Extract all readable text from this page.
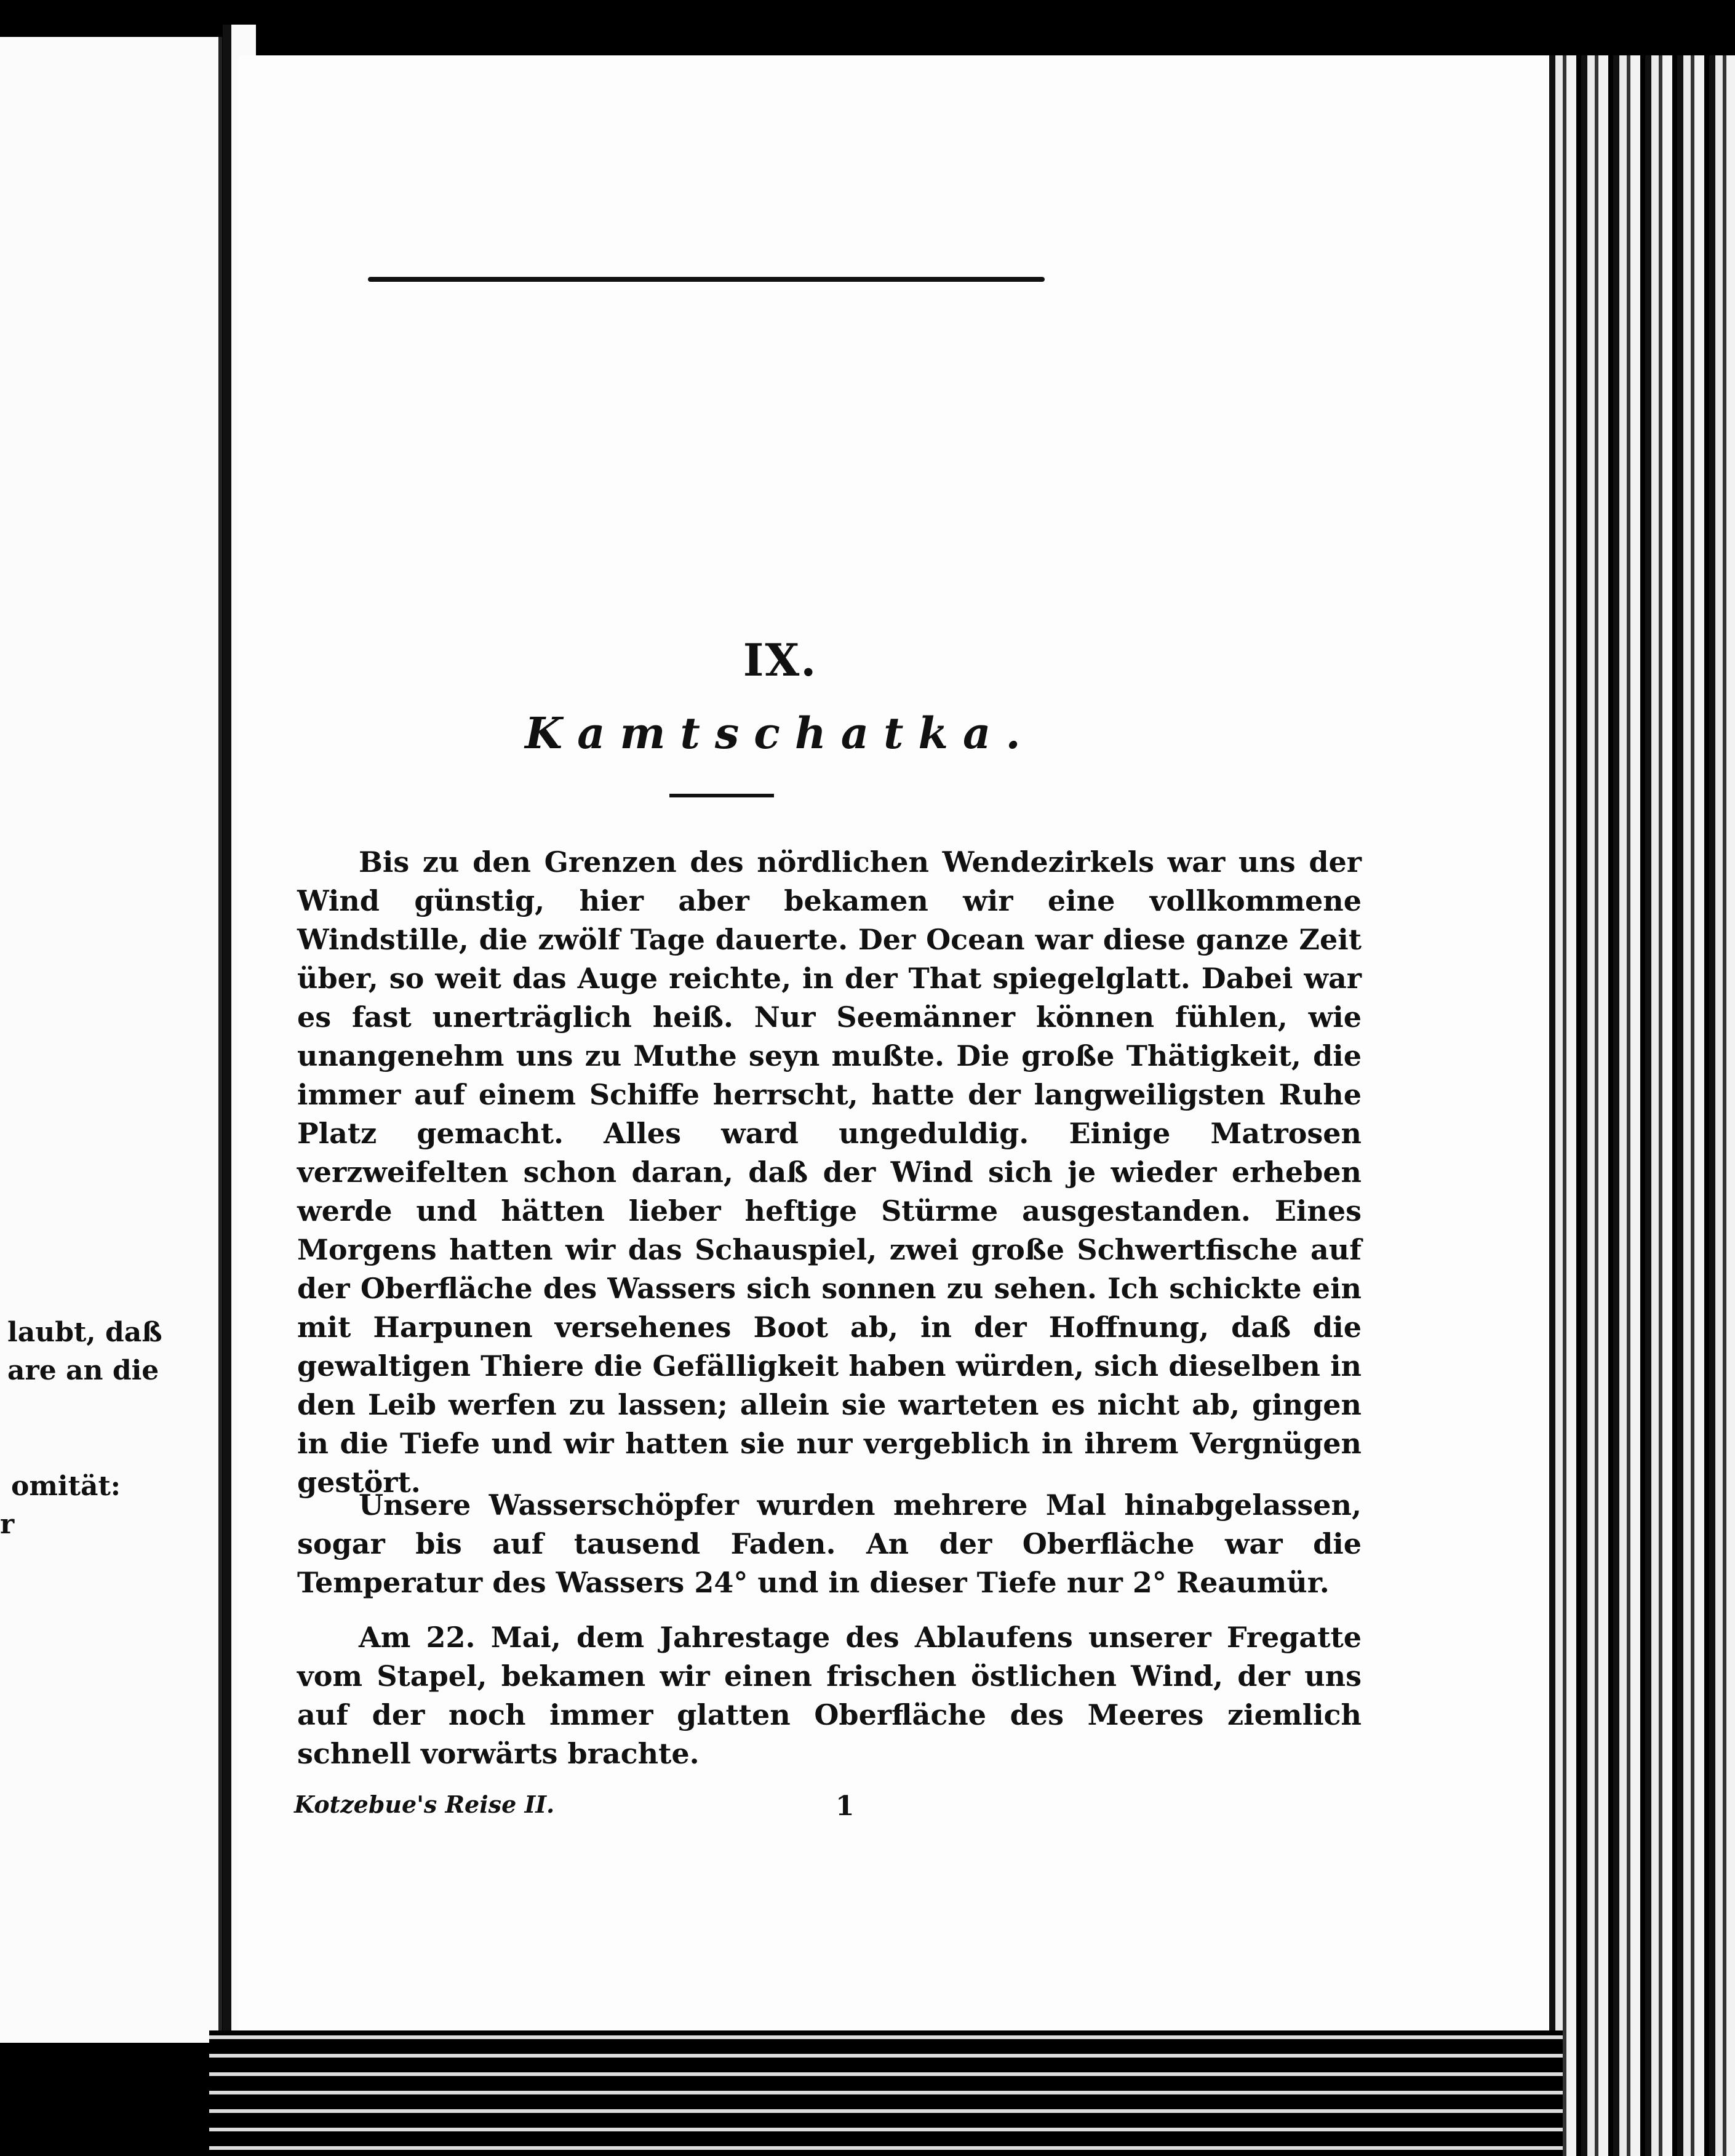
laubt, daß
are an die
omität:
r
IX.
Kamtschatka.

Bis zu den Grenzen des nördlichen Wendezirkels war uns der Wind günstig, hier aber bekamen wir eine vollkommene Windstille, die zwölf Tage dauerte. Der Ocean war diese ganze Zeit über, so weit das Auge reichte, in der That spiegelglatt. Dabei war es fast unerträglich heiß. Nur Seemänner können fühlen, wie unangenehm uns zu Muthe seyn mußte. Die große Thätigkeit, die immer auf einem Schiffe herrscht, hatte der langweiligsten Ruhe Platz gemacht. Alles ward ungeduldig. Einige Matrosen verzweifelten schon daran, daß der Wind sich je wieder erheben werde und hätten lieber heftige Stürme ausgestanden. Eines Morgens hatten wir das Schauspiel, zwei große Schwertfische auf der Oberfläche des Wassers sich sonnen zu sehen. Ich schickte ein mit Harpunen versehenes Boot ab, in der Hoffnung, daß die gewaltigen Thiere die Gefälligkeit haben würden, sich dieselben in den Leib werfen zu lassen; allein sie warteten es nicht ab, gingen in die Tiefe und wir hatten sie nur vergeblich in ihrem Vergnügen gestört.

Unsere Wasserschöpfer wurden mehrere Mal hinabgelassen, sogar bis auf tausend Faden. An der Oberfläche war die Temperatur des Wassers 24° und in dieser Tiefe nur 2° Reaumür.

Am 22. Mai, dem Jahrestage des Ablaufens unserer Fregatte vom Stapel, bekamen wir einen frischen östlichen Wind, der uns auf der noch immer glatten Oberfläche des Meeres ziemlich schnell vorwärts brachte.

Kotzebue's Reise II.	1
